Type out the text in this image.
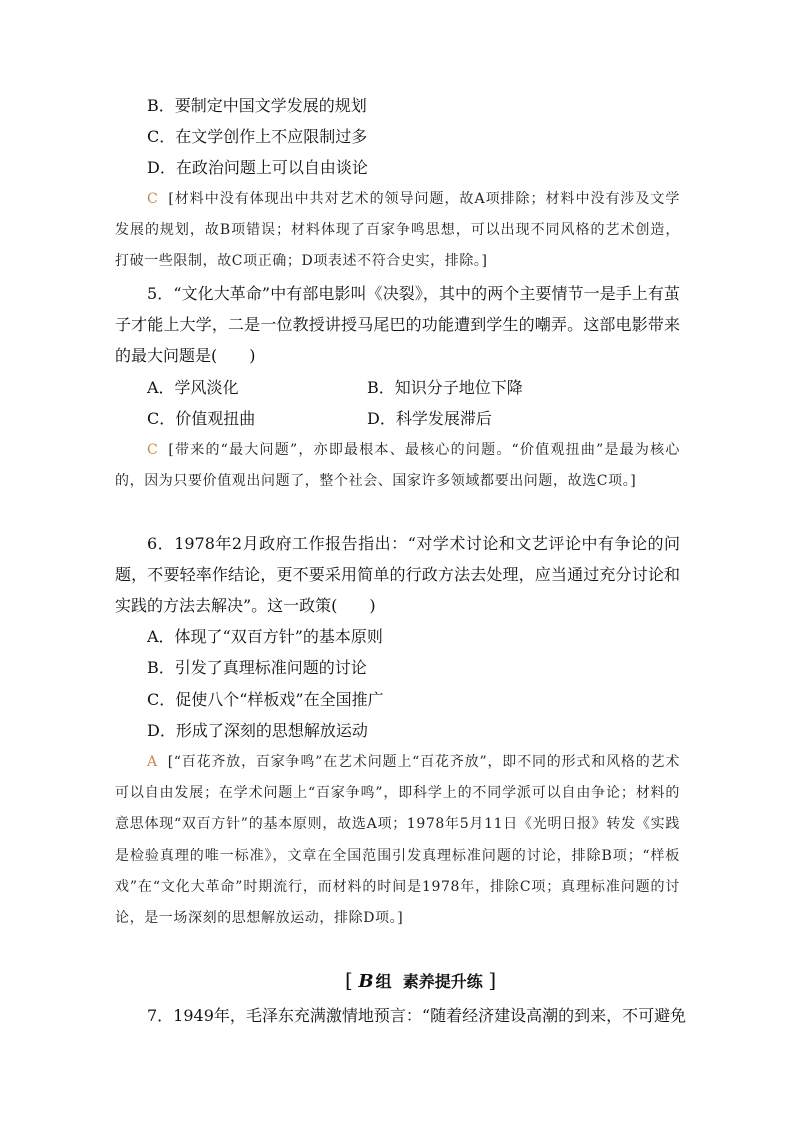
B．要制定中国文学发展的规划
C．在文学创作上不应限制过多
D．在政治问题上可以自由谈论

C [材料中没有体现出中共对艺术的领导问题，故A项排除；材料中没有涉及文学发展的规划，故B项错误；材料体现了百家争鸣思想，可以出现不同风格的艺术创造，打破一些限制，故C项正确；D项表述不符合史实，排除。]

5．“文化大革命”中有部电影叫《决裂》，其中的两个主要情节一是手上有茧子才能上大学，二是一位教授讲授马尾巴的功能遭到学生的嘲弄。这部电影带来的最大问题是(　　)

A．学风淡化	B．知识分子地位下降
C．价值观扭曲	D．科学发展滞后

C [带来的“最大问题”，亦即最根本、最核心的问题。“价值观扭曲”是最为核心的，因为只要价值观出问题了，整个社会、国家许多领域都要出问题，故选C项。]

6．1978年2月政府工作报告指出：“对学术讨论和文艺评论中有争论的问题，不要轻率作结论，更不要采用简单的行政方法去处理，应当通过充分讨论和实践的方法去解决”。这一政策(　　)

A．体现了“双百方针”的基本原则
B．引发了真理标准问题的讨论
C．促使八个“样板戏”在全国推广
D．形成了深刻的思想解放运动

A [“百花齐放，百家争鸣”在艺术问题上“百花齐放”，即不同的形式和风格的艺术可以自由发展；在学术问题上“百家争鸣”，即科学上的不同学派可以自由争论；材料的意思体现“双百方针”的基本原则，故选A项；1978年5月11日《光明日报》转发《实践是检验真理的唯一标准》，文章在全国范围引发真理标准问题的讨论，排除B项；“样板戏”在“文化大革命”时期流行，而材料的时间是1978年，排除C项；真理标准问题的讨论，是一场深刻的思想解放运动，排除D项。]

[ B 组 素养提升练 ]

7．1949年，毛泽东充满激情地预言：“随着经济建设高潮的到来，不可避免
